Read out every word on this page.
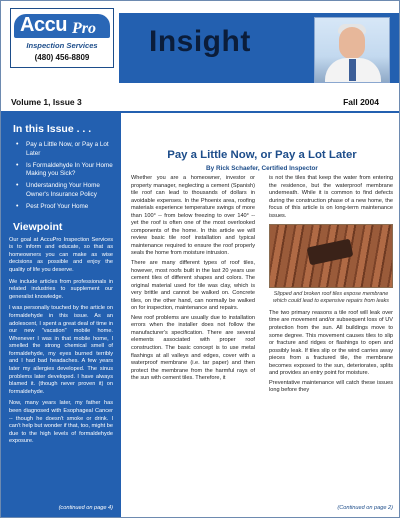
Accu Pro
Inspection Services
(480) 456-8809	Insight
Volume 1, Issue 3	Fall 2004
In this Issue . . .
• Pay a Little Now, or Pay a Lot Later
• Is Formaldehyde In Your Home Making you Sick?
• Understanding Your Home Owner's Insurance Policy
• Pest Proof Your Home
Viewpoint

Our goal at AccuPro Inspection Services is to inform and educate, so that as homeowners you can make as wise decisions as possible and enjoy the quality of life you deserve.

We include articles from professionals in related industries to supplement our generalist knowledge.

I was personally touched by the article on formaldehyde in this issue. As an adolescent, I spent a great deal of time in our new "vacation" mobile home. Whenever I was in that mobile home, I smelled the strong chemical smell of formaldehyde, my eyes burned terribly and I had bad headaches. A few years later my allergies developed. The sinus problems later developed. I have always blamed it. (though never proven it) on formaldehyde.

Now, many years later, my father has been diagnosed with Esophageal Cancer -- though he doesn't smoke or drink. I can't help but wonder if that, too, might be due to the high levels of formaldehyde exposure.

(continued on page 4)
Pay a Little Now, or Pay a Lot Later
By Rick Schaefer, Certified Inspector

Whether you are a homeowner, investor or property manager, neglecting a cement (Spanish) tile roof can lead to thousands of dollars in avoidable expenses. In the Phoenix area, roofing materials experience temperature swings of more than 100° -- from below freezing to over 140° -- yet the roof is often one of the most overlooked components of the home. In this article we will review basic tile roof installation and typical maintenance required to ensure the roof properly seals the home from moisture intrusion.

There are many different types of roof tiles, however, most roofs built in the last 20 years use cement tiles of different shapes and colors. The original material used for tile was clay, which is very brittle and cannot be walked on. Concrete tiles, on the other hand, can normally be walked on for inspection, maintenance and repairs.

New roof problems are usually due to installation errors when the installer does not follow the manufacturer's specification. There are several elements associated with proper roof construction. The basic concept is to use metal flashings at all valleys and edges, cover with a waterproof membrane (i.e. tar paper) and then protect the membrane from the harmful rays of the sun with cement tiles. Therefore, it

is not the tiles that keep the water from entering the residence, but the waterproof membrane underneath. While it is common to find defects during the construction phase of a new home, the focus of this article is on long-term maintenance issues.

Slipped and broken roof tiles expose membrane which could lead to expensive repairs from leaks

The two primary reasons a tile roof will leak over time are movement and/or subsequent loss of UV protection from the sun. All buildings move to some degree. This movement causes tiles to slip or fracture and ridges or flashings to open and possibly leak. If tiles slip or the wind carries away pieces from a fractured tile, the membrane becomes exposed to the sun, deteriorates, splits and provides an entry point for moisture.

Preventative maintenance will catch these issues long before they

(Continued on page 2)
